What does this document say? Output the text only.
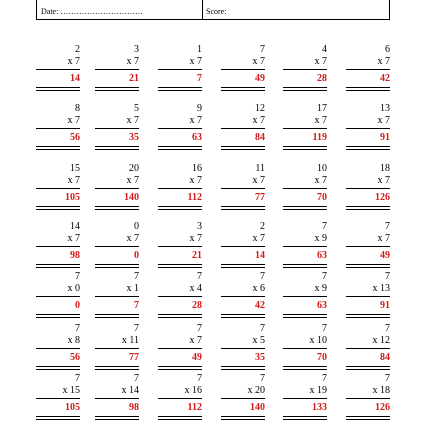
Date: ………………………….	Score:
2
x 7
14
3
x 7
21
1
x 7
7
7
x 7
49
4
x 7
28
6
x 7
42
8
x 7
56
5
x 7
35
9
x 7
63
12
x 7
84
17
x 7
119
13
x 7
91
15
x 7
105
20
x 7
140
16
x 7
112
11
x 7
77
10
x 7
70
18
x 7
126
14
x 7
98
0
x 7
0
3
x 7
21
2
x 7
14
7
x 9
63
7
x 7
49
7
x 0
0
7
x 1
7
7
x 4
28
7
x 6
42
7
x 9
63
7
x 13
91
7
x 8
56
7
x 11
77
7
x 7
49
7
x 5
35
7
x 10
70
7
x 12
84
7
x 15
105
7
x 14
98
7
x 16
112
7
x 20
140
7
x 19
133
7
x 18
126
